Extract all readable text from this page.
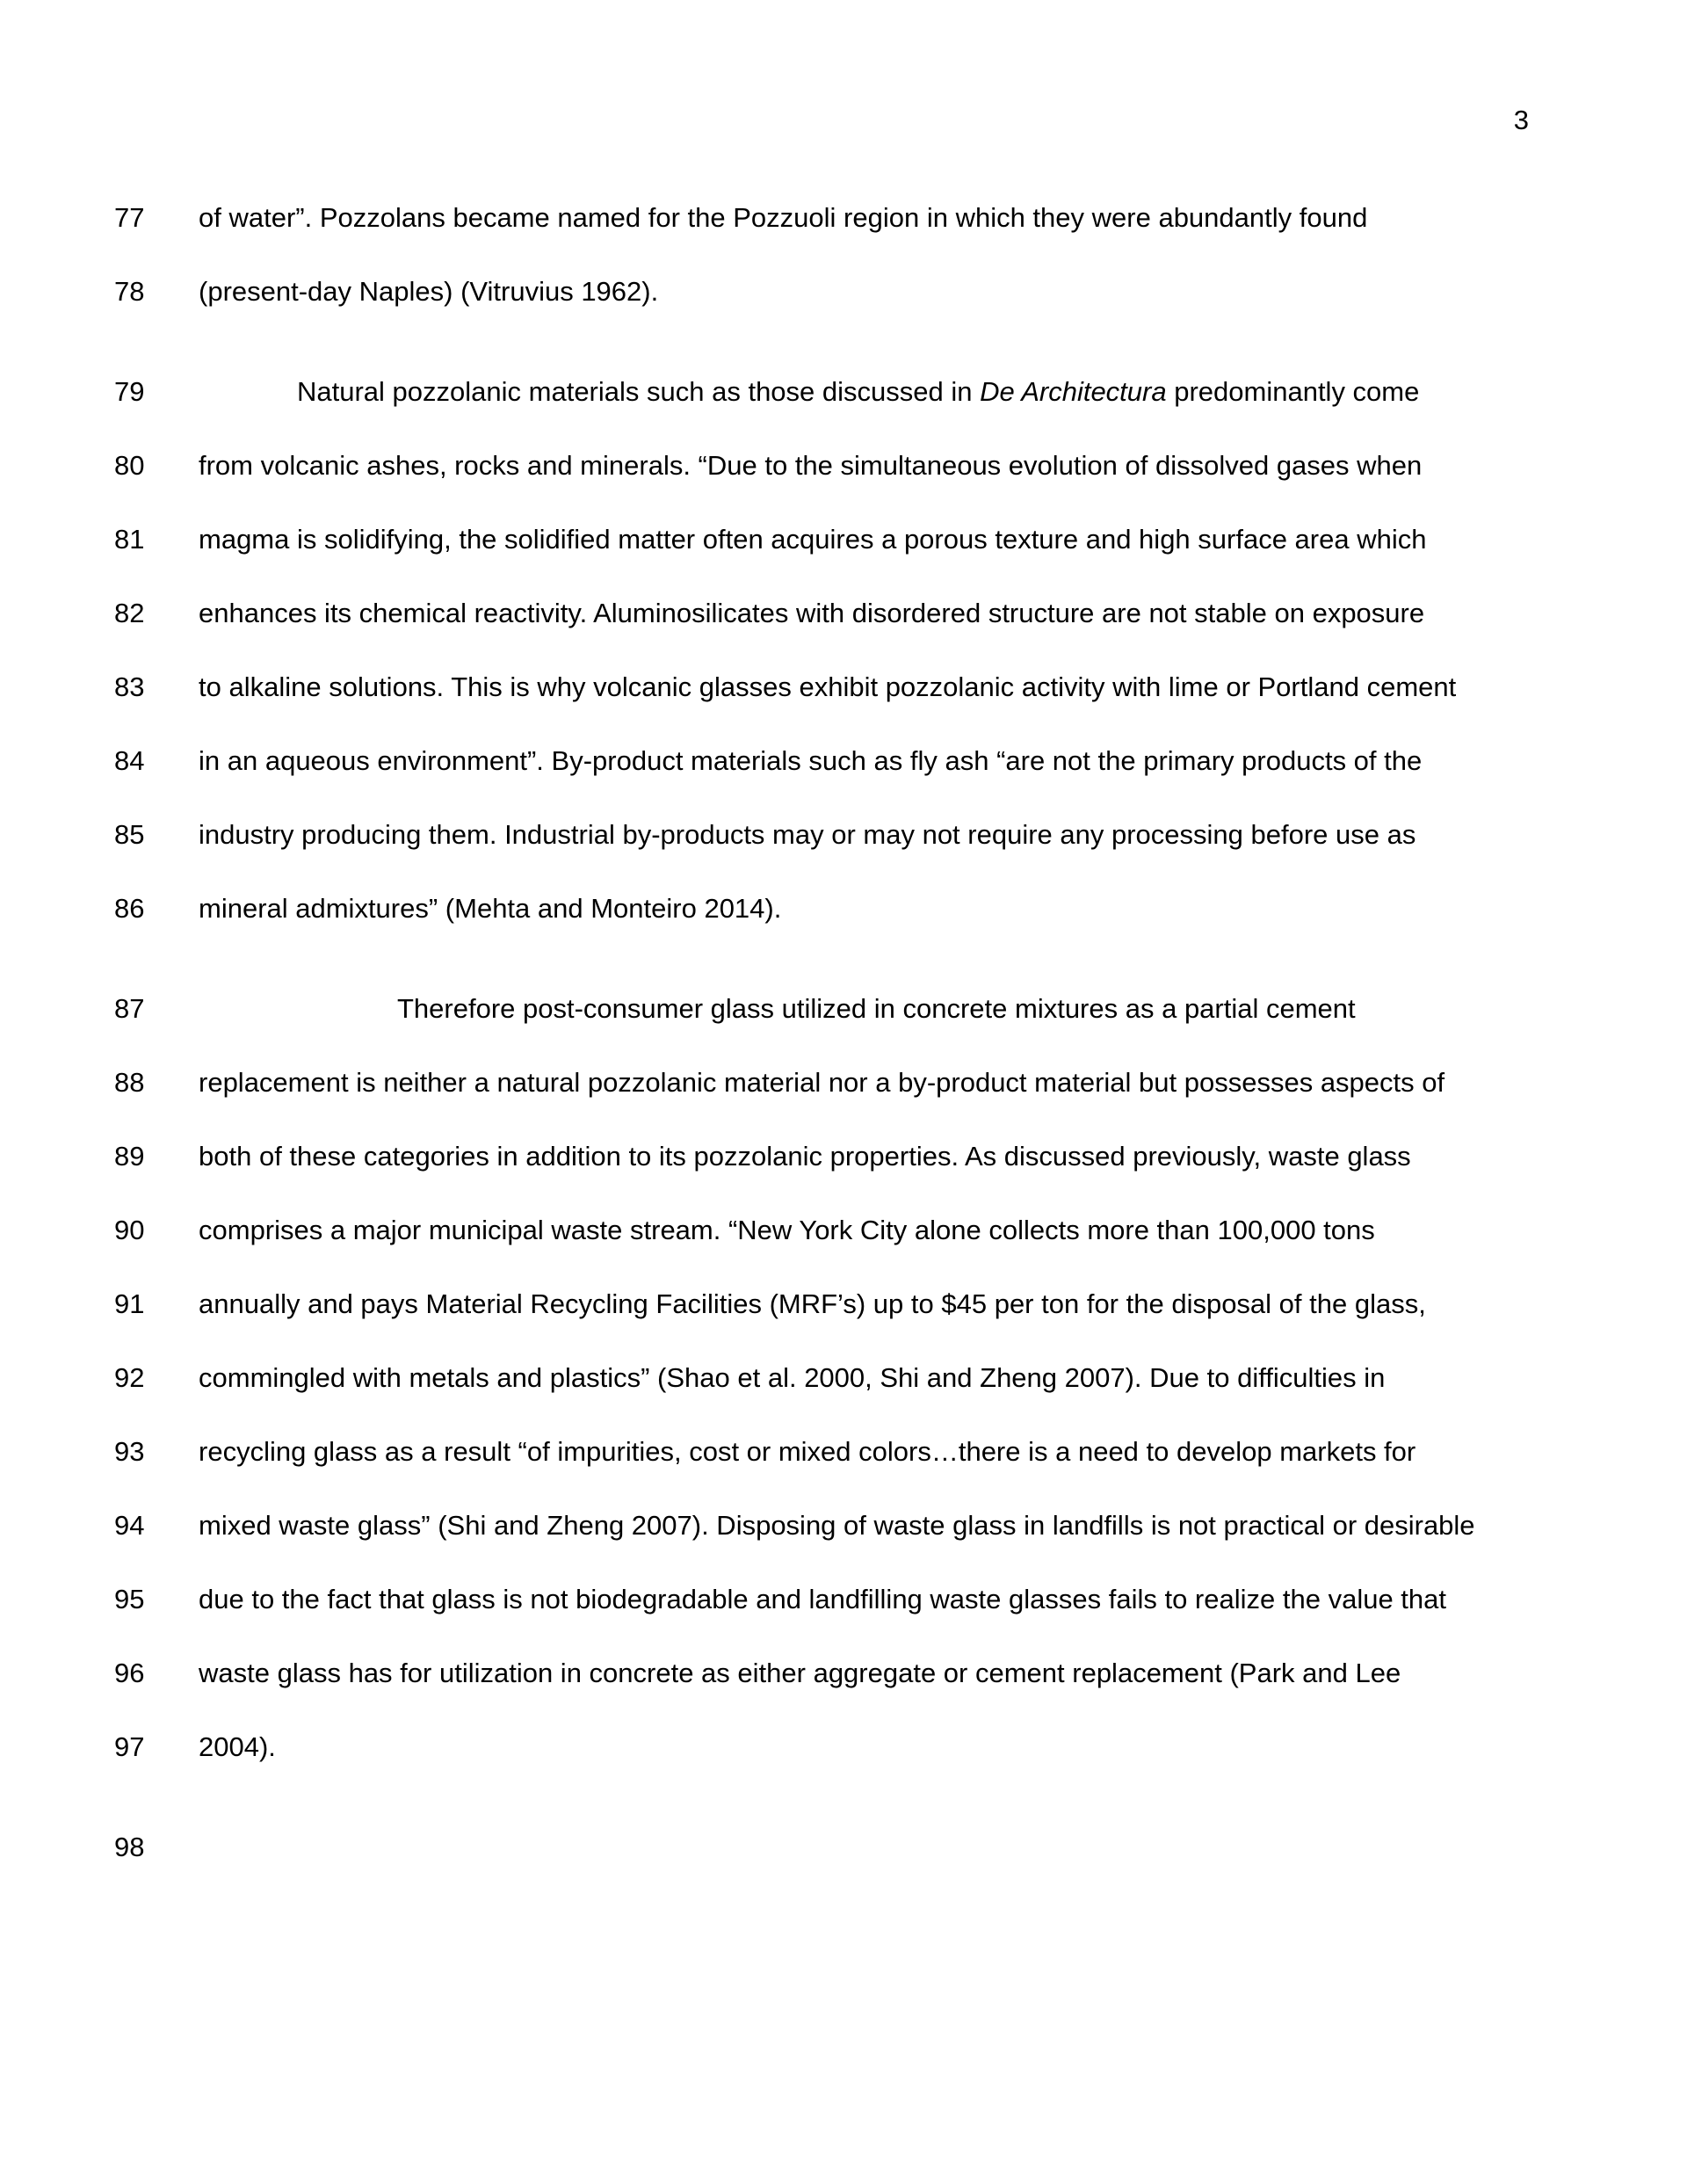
3
77	of water”. Pozzolans became named for the Pozzuoli region in which they were abundantly found
78	(present-day Naples) (Vitruvius 1962).
79	Natural pozzolanic materials such as those discussed in De Architectura predominantly come
80	from volcanic ashes, rocks and minerals. “Due to the simultaneous evolution of dissolved gases when
81	magma is solidifying, the solidified matter often acquires a porous texture and high surface area which
82	enhances its chemical reactivity. Aluminosilicates with disordered structure are not stable on exposure
83	to alkaline solutions. This is why volcanic glasses exhibit pozzolanic activity with lime or Portland cement
84	in an aqueous environment”. By-product materials such as fly ash “are not the primary products of the
85	industry producing them. Industrial by-products may or may not require any processing before use as
86	mineral admixtures” (Mehta and Monteiro 2014).
87	Therefore post-consumer glass utilized in concrete mixtures as a partial cement
88	replacement is neither a natural pozzolanic material nor a by-product material but possesses aspects of
89	both of these categories in addition to its pozzolanic properties. As discussed previously, waste glass
90	comprises a major municipal waste stream. “New York City alone collects more than 100,000 tons
91	annually and pays Material Recycling Facilities (MRF’s) up to $45 per ton for the disposal of the glass,
92	commingled with metals and plastics” (Shao et al. 2000, Shi and Zheng 2007). Due to difficulties in
93	recycling glass as a result “of impurities, cost or mixed colors…there is a need to develop markets for
94	mixed waste glass” (Shi and Zheng 2007). Disposing of waste glass in landfills is not practical or desirable
95	due to the fact that glass is not biodegradable and landfilling waste glasses fails to realize the value that
96	waste glass has for utilization in concrete as either aggregate or cement replacement (Park and Lee
97	2004).
98
